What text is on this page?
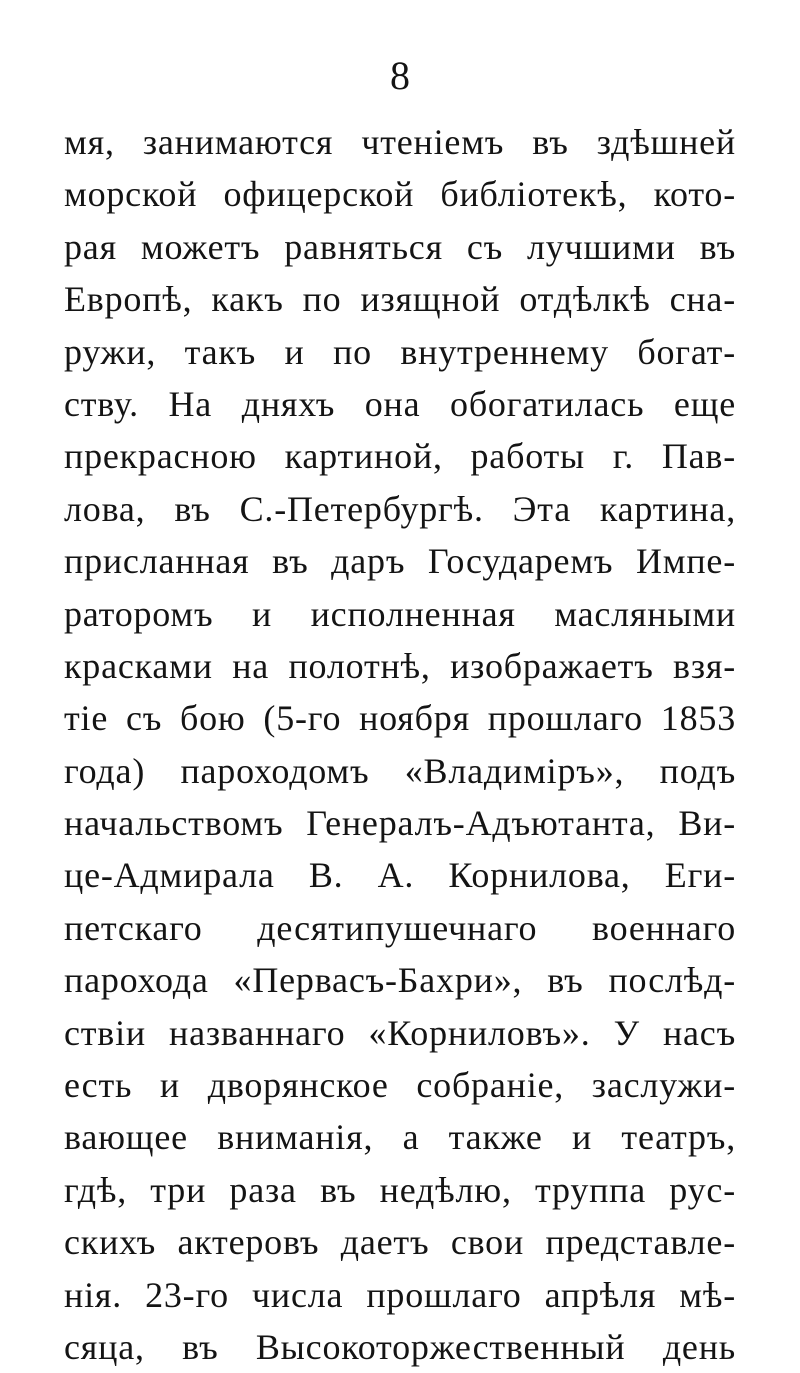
8
мя, занимаются чтеніемъ въ здѣшней
морской офицерской библіотекѣ, кото-
рая можетъ равняться съ лучшими въ
Европѣ, какъ по изящной отдѣлкѣ сна-
ружи, такъ и по внутреннему богат-
ству. На дняхъ она обогатилась еще
прекрасною картиной, работы г. Пав-
лова, въ С.-Петербургѣ. Эта картина,
присланная въ даръ Государемъ Импе-
раторомъ и исполненная масляными
красками на полотнѣ, изображаетъ взя-
тіе съ бою (5-го ноября прошлаго 1853
года) пароходомъ «Владиміръ», подъ
начальствомъ Генералъ-Адъютанта, Ви-
це-Адмирала В. А. Корнилова, Еги-
петскаго десятипушечнаго военнаго
парохода «Первасъ-Бахри», въ послѣд-
ствіи названнаго «Корниловъ». У насъ
есть и дворянское собраніе, заслужи-
вающее вниманія, а также и театръ,
гдѣ, три раза въ недѣлю, труппа рус-
скихъ актеровъ даетъ свои представле-
нія. 23-го числа прошлаго апрѣля мѣ-
сяца, въ Высокоторжественный день
